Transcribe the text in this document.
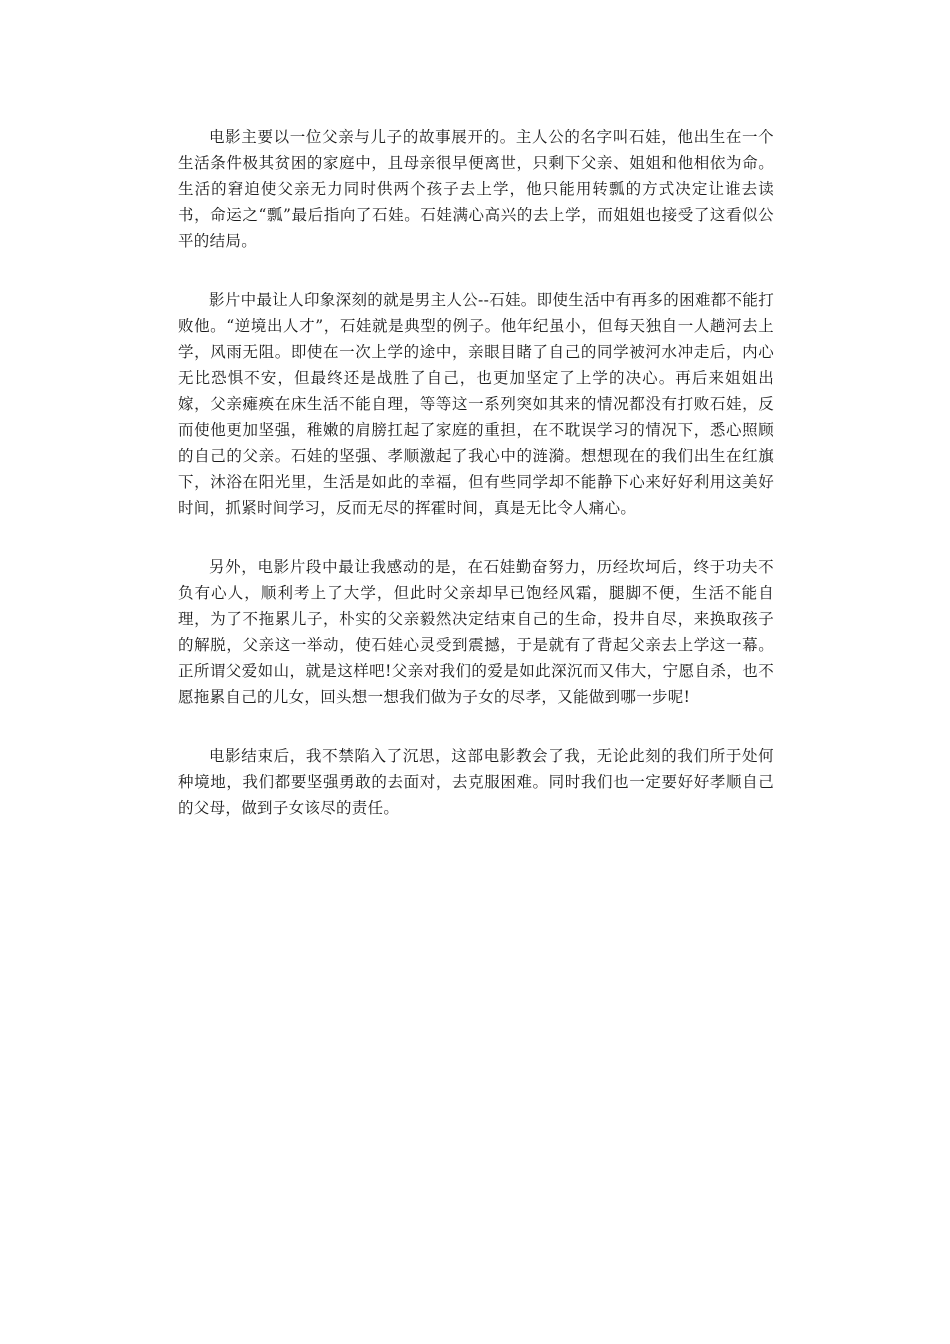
电影主要以一位父亲与儿子的故事展开的。主人公的名字叫石娃，他出生在一个生活条件极其贫困的家庭中，且母亲很早便离世，只剩下父亲、姐姐和他相依为命。生活的窘迫使父亲无力同时供两个孩子去上学，他只能用转瓢的方式决定让谁去读书，命运之“瓢”最后指向了石娃。石娃满心高兴的去上学，而姐姐也接受了这看似公平的结局。

影片中最让人印象深刻的就是男主人公--石娃。即使生活中有再多的困难都不能打败他。“逆境出人才”，石娃就是典型的例子。他年纪虽小，但每天独自一人趟河去上学，风雨无阻。即使在一次上学的途中，亲眼目睹了自己的同学被河水冲走后，内心无比恐惧不安，但最终还是战胜了自己，也更加坚定了上学的决心。再后来姐姐出嫁，父亲瘫痪在床生活不能自理，等等这一系列突如其来的情况都没有打败石娃，反而使他更加坚强，稚嫩的肩膀扛起了家庭的重担，在不耽误学习的情况下，悉心照顾的自己的父亲。石娃的坚强、孝顺激起了我心中的涟漪。想想现在的我们出生在红旗下，沐浴在阳光里，生活是如此的幸福，但有些同学却不能静下心来好好利用这美好时间，抓紧时间学习，反而无尽的挥霍时间，真是无比令人痛心。

另外，电影片段中最让我感动的是，在石娃勤奋努力，历经坎坷后，终于功夫不负有心人，顺利考上了大学，但此时父亲却早已饱经风霜，腿脚不便，生活不能自理，为了不拖累儿子，朴实的父亲毅然决定结束自己的生命，投井自尽，来换取孩子的解脱，父亲这一举动，使石娃心灵受到震撼，于是就有了背起父亲去上学这一幕。正所谓父爱如山，就是这样吧!父亲对我们的爱是如此深沉而又伟大，宁愿自杀，也不愿拖累自己的儿女，回头想一想我们做为子女的尽孝，又能做到哪一步呢!

电影结束后，我不禁陷入了沉思，这部电影教会了我，无论此刻的我们所于处何种境地，我们都要坚强勇敢的去面对，去克服困难。同时我们也一定要好好孝顺自己的父母，做到子女该尽的责任。
